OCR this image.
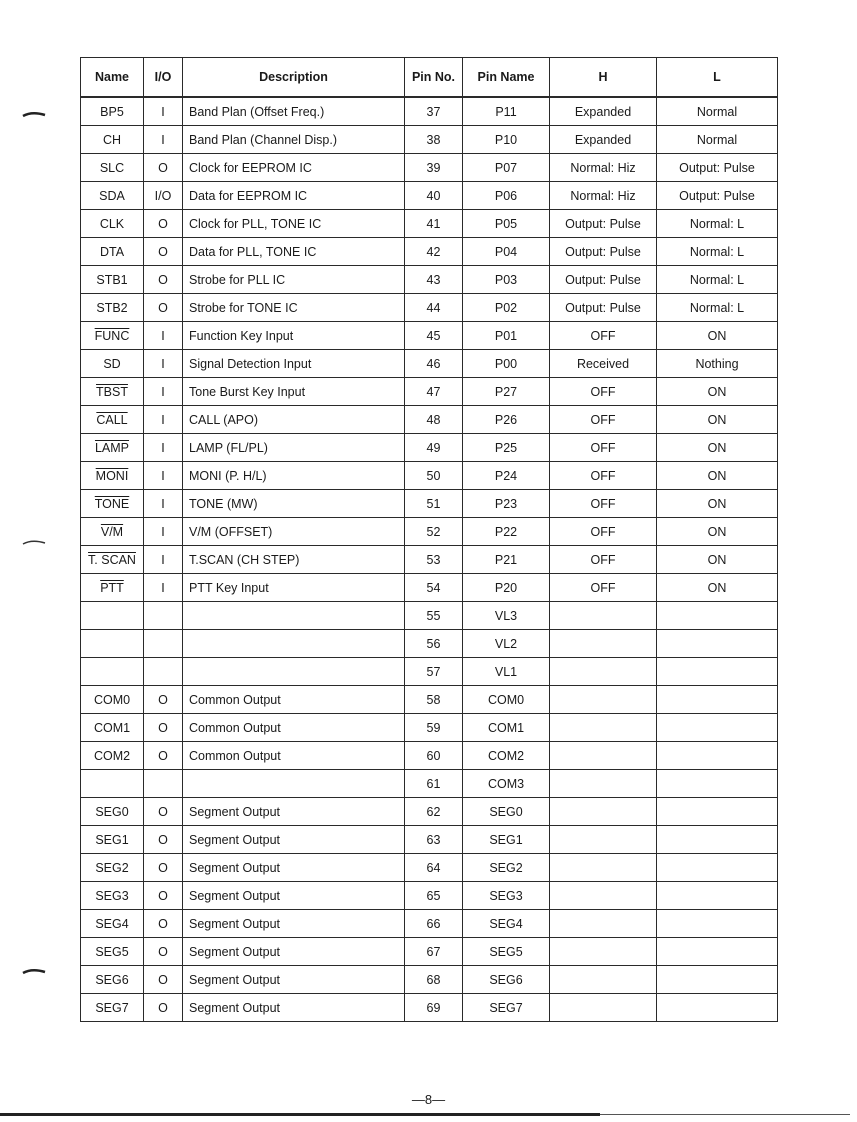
Name	I/O	Description	Pin No.	Pin Name	H	L
BP5	I	Band Plan (Offset Freq.)	37	P11	Expanded	Normal
CH	I	Band Plan (Channel Disp.)	38	P10	Expanded	Normal
SLC	O	Clock for EEPROM IC	39	P07	Normal: Hiz	Output: Pulse
SDA	I/O	Data for EEPROM IC	40	P06	Normal: Hiz	Output: Pulse
CLK	O	Clock for PLL, TONE IC	41	P05	Output: Pulse	Normal: L
DTA	O	Data for PLL, TONE IC	42	P04	Output: Pulse	Normal: L
STB1	O	Strobe for PLL IC	43	P03	Output: Pulse	Normal: L
STB2	O	Strobe for TONE IC	44	P02	Output: Pulse	Normal: L
FUNC	I	Function Key Input	45	P01	OFF	ON
SD	I	Signal Detection Input	46	P00	Received	Nothing
TBST	I	Tone Burst Key Input	47	P27	OFF	ON
CALL	I	CALL (APO)	48	P26	OFF	ON
LAMP	I	LAMP (FL/PL)	49	P25	OFF	ON
MONI	I	MONI (P. H/L)	50	P24	OFF	ON
TONE	I	TONE (MW)	51	P23	OFF	ON
V/M	I	V/M (OFFSET)	52	P22	OFF	ON
T. SCAN	I	T.SCAN (CH STEP)	53	P21	OFF	ON
$\overline{PTT}$	I	PTT Key Input	54	P20	OFF	ON
			55	VL3		
			56	VL2		
			57	VL1		
COM0	O	Common Output	58	COM0		
COM1	O	Common Output	59	COM1		
COM2	O	Common Output	60	COM2		
			61	COM3		
SEG0	O	Segment Output	62	SEG0		
SEG1	O	Segment Output	63	SEG1		
SEG2	O	Segment Output	64	SEG2		
SEG3	O	Segment Output	65	SEG3		
SEG4	O	Segment Output	66	SEG4		
SEG5	O	Segment Output	67	SEG5		
SEG6	O	Segment Output	68	SEG6		
SEG7	O	Segment Output	69	SEG7		
—8—
